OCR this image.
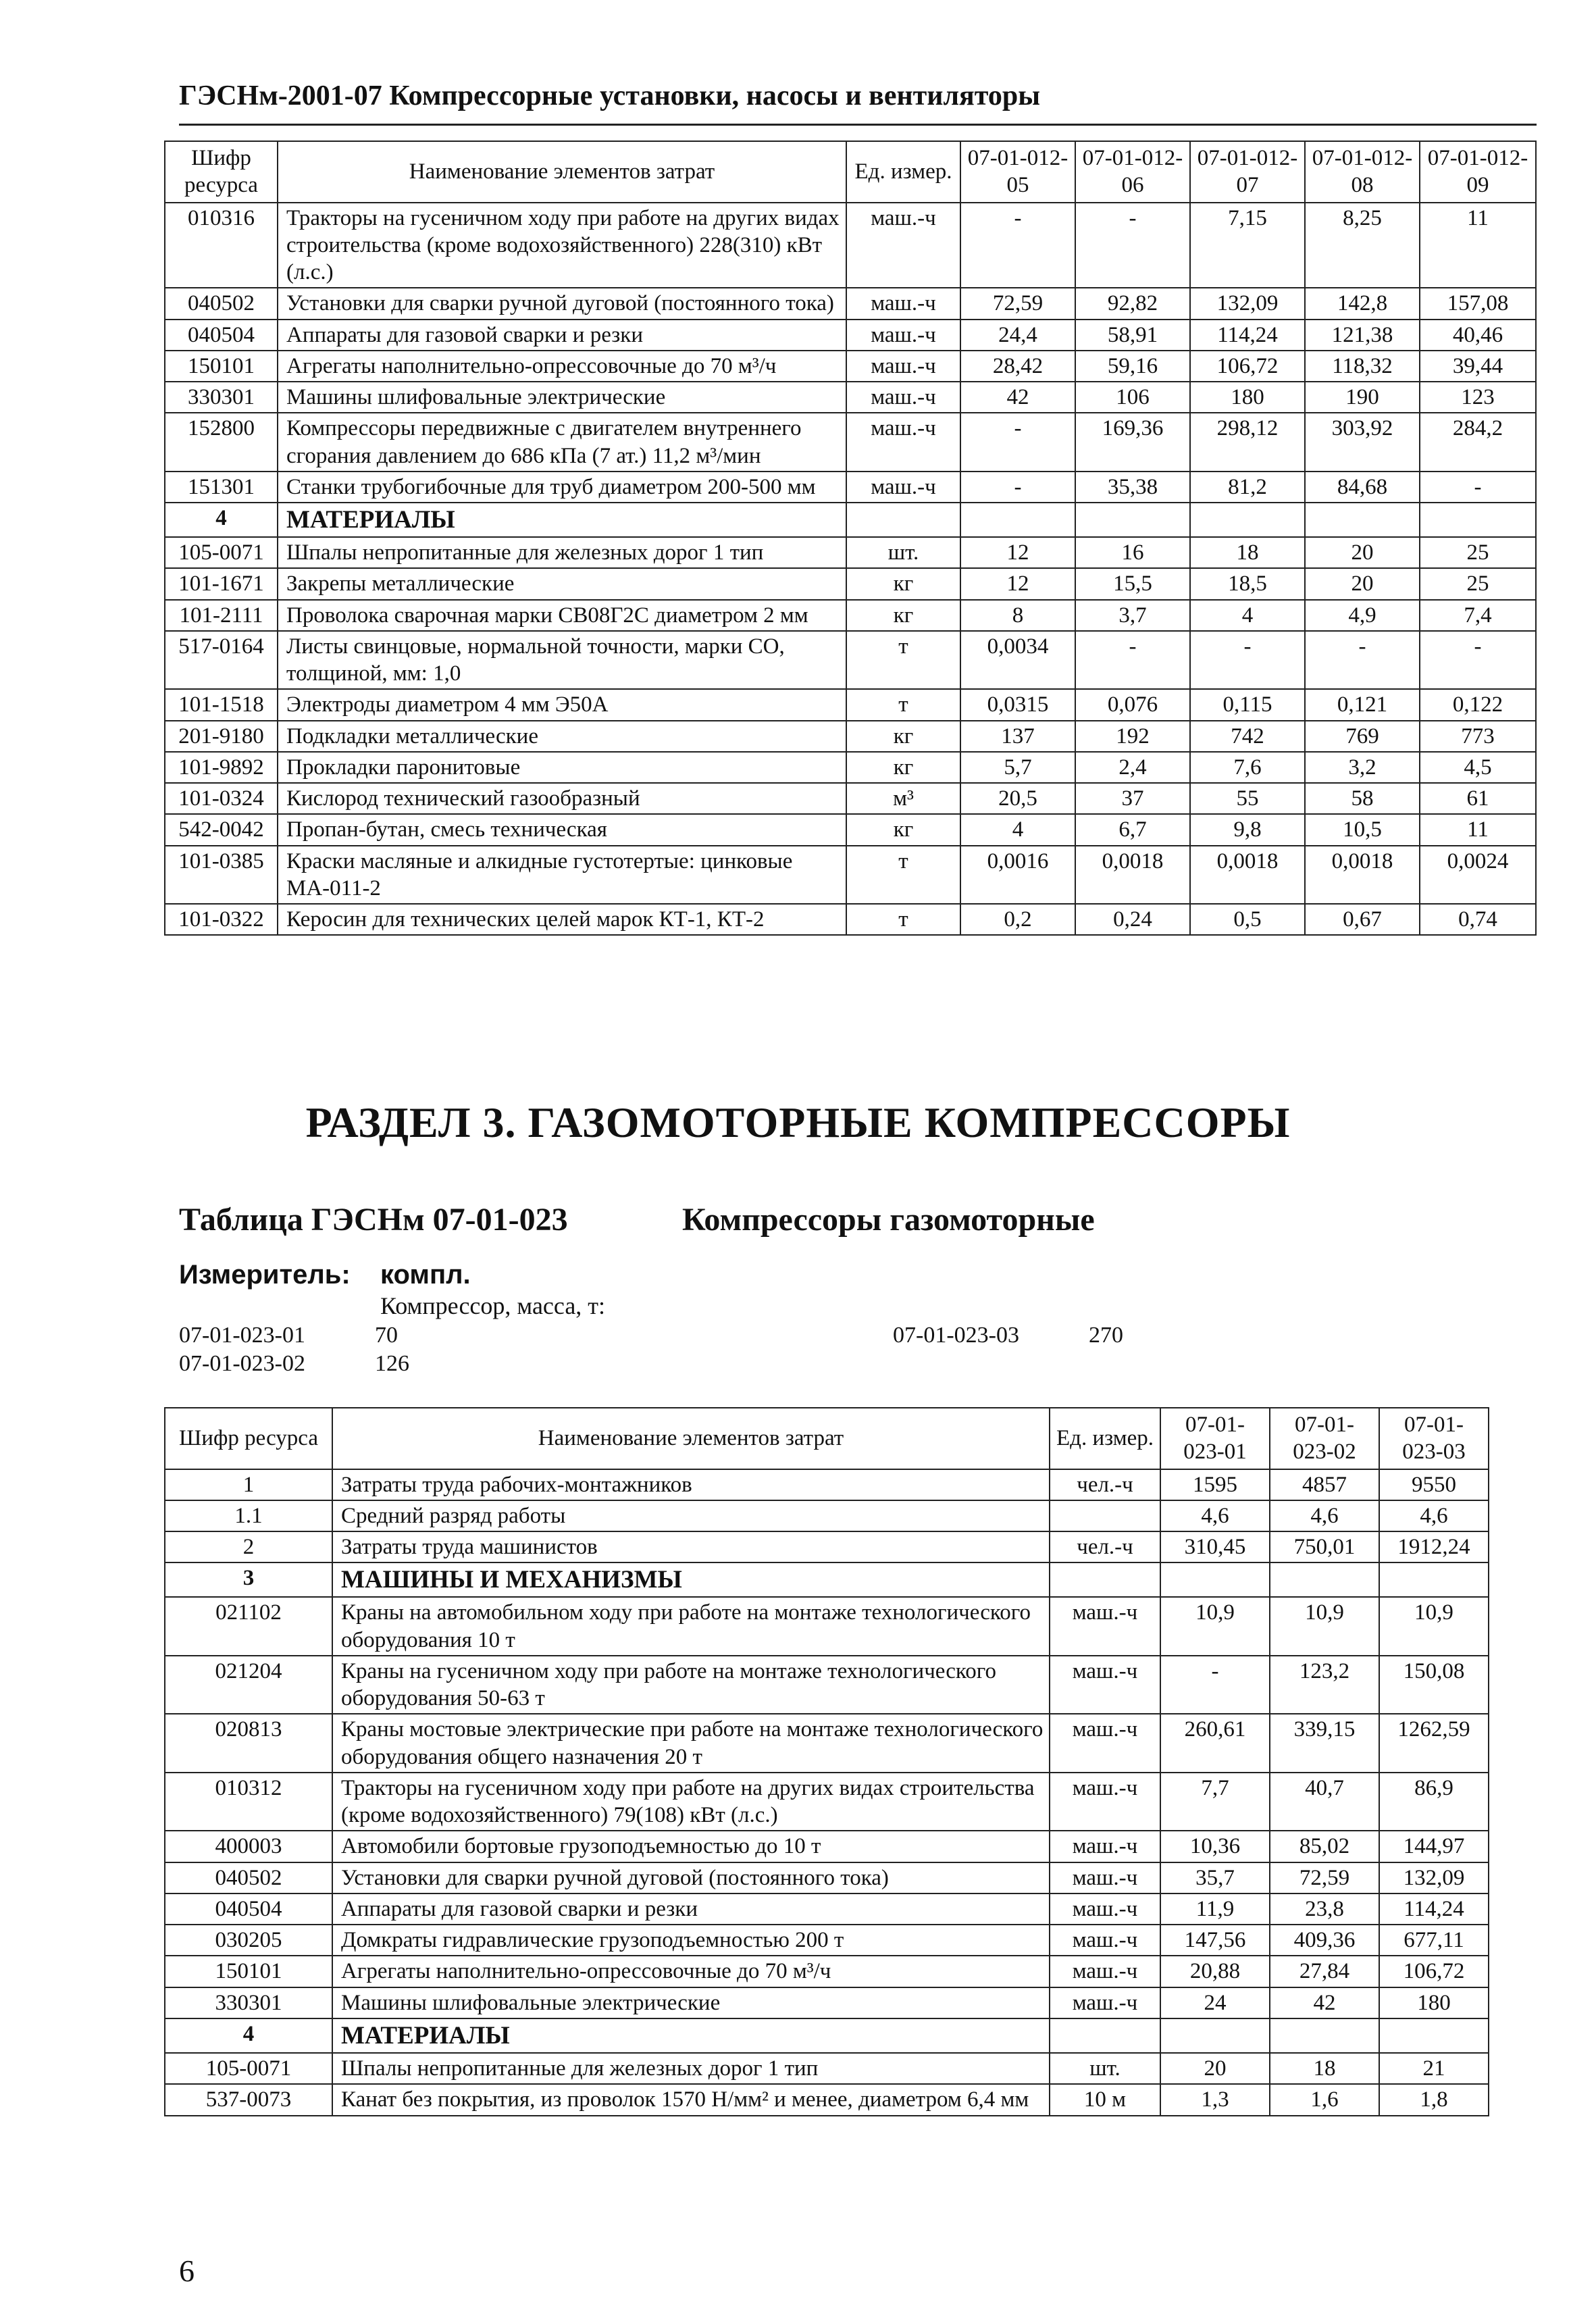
ГЭСНм-2001-07 Компрессорные установки, насосы и вентиляторы
Шифр ресурса	Наименование элементов затрат	Ед. измер.	07-01-012-05	07-01-012-06	07-01-012-07	07-01-012-08	07-01-012-09
010316	Тракторы на гусеничном ходу при работе на других видах строительства (кроме водохозяйственного) 228(310) кВт (л.с.)	маш.-ч	-	-	7,15	8,25	11
040502	Установки для сварки ручной дуговой (постоянного тока)	маш.-ч	72,59	92,82	132,09	142,8	157,08
040504	Аппараты для газовой сварки и резки	маш.-ч	24,4	58,91	114,24	121,38	40,46
150101	Агрегаты наполнительно-опрессовочные до 70 м³/ч	маш.-ч	28,42	59,16	106,72	118,32	39,44
330301	Машины шлифовальные электрические	маш.-ч	42	106	180	190	123
152800	Компрессоры передвижные с двигателем внутреннего сгорания давлением до 686 кПа (7 ат.) 11,2 м³/мин	маш.-ч	-	169,36	298,12	303,92	284,2
151301	Станки трубогибочные для труб диаметром 200-500 мм	маш.-ч	-	35,38	81,2	84,68	-
4	МАТЕРИАЛЫ						
105-0071	Шпалы непропитанные для железных дорог 1 тип	шт.	12	16	18	20	25
101-1671	Закрепы металлические	кг	12	15,5	18,5	20	25
101-2111	Проволока сварочная марки СВ08Г2С диаметром 2 мм	кг	8	3,7	4	4,9	7,4
517-0164	Листы свинцовые, нормальной точности, марки СО, толщиной, мм: 1,0	т	0,0034	-	-	-	-
101-1518	Электроды диаметром 4 мм Э50А	т	0,0315	0,076	0,115	0,121	0,122
201-9180	Подкладки металлические	кг	137	192	742	769	773
101-9892	Прокладки паронитовые	кг	5,7	2,4	7,6	3,2	4,5
101-0324	Кислород технический газообразный	м³	20,5	37	55	58	61
542-0042	Пропан-бутан, смесь техническая	кг	4	6,7	9,8	10,5	11
101-0385	Краски масляные и алкидные густотертые: цинковые МА-011-2	т	0,0016	0,0018	0,0018	0,0018	0,0024
101-0322	Керосин для технических целей марок КТ-1, КТ-2	т	0,2	0,24	0,5	0,67	0,74
РАЗДЕЛ 3. ГАЗОМОТОРНЫЕ КОМПРЕССОРЫ
Таблица ГЭСНм 07-01-023	Компрессоры газомоторные
Измеритель: компл.
Компрессор, масса, т:
07-01-023-01	70
07-01-023-02	126
07-01-023-03	270
Шифр ресурса	Наименование элементов затрат	Ед. измер.	07-01-023-01	07-01-023-02	07-01-023-03
1	Затраты труда рабочих-монтажников	чел.-ч	1595	4857	9550
1.1	Средний разряд работы		4,6	4,6	4,6
2	Затраты труда машинистов	чел.-ч	310,45	750,01	1912,24
3	МАШИНЫ И МЕХАНИЗМЫ				
021102	Краны на автомобильном ходу при работе на монтаже технологического оборудования 10 т	маш.-ч	10,9	10,9	10,9
021204	Краны на гусеничном ходу при работе на монтаже технологического оборудования 50-63 т	маш.-ч	-	123,2	150,08
020813	Краны мостовые электрические при работе на монтаже технологического оборудования общего назначения 20 т	маш.-ч	260,61	339,15	1262,59
010312	Тракторы на гусеничном ходу при работе на других видах строительства (кроме водохозяйственного) 79(108) кВт (л.с.)	маш.-ч	7,7	40,7	86,9
400003	Автомобили бортовые грузоподъемностью до 10 т	маш.-ч	10,36	85,02	144,97
040502	Установки для сварки ручной дуговой (постоянного тока)	маш.-ч	35,7	72,59	132,09
040504	Аппараты для газовой сварки и резки	маш.-ч	11,9	23,8	114,24
030205	Домкраты гидравлические грузоподъемностью 200 т	маш.-ч	147,56	409,36	677,11
150101	Агрегаты наполнительно-опрессовочные до 70 м³/ч	маш.-ч	20,88	27,84	106,72
330301	Машины шлифовальные электрические	маш.-ч	24	42	180
4	МАТЕРИАЛЫ				
105-0071	Шпалы непропитанные для железных дорог 1 тип	шт.	20	18	21
537-0073	Канат без покрытия, из проволок 1570 Н/мм² и менее, диаметром 6,4 мм	10 м	1,3	1,6	1,8
6
